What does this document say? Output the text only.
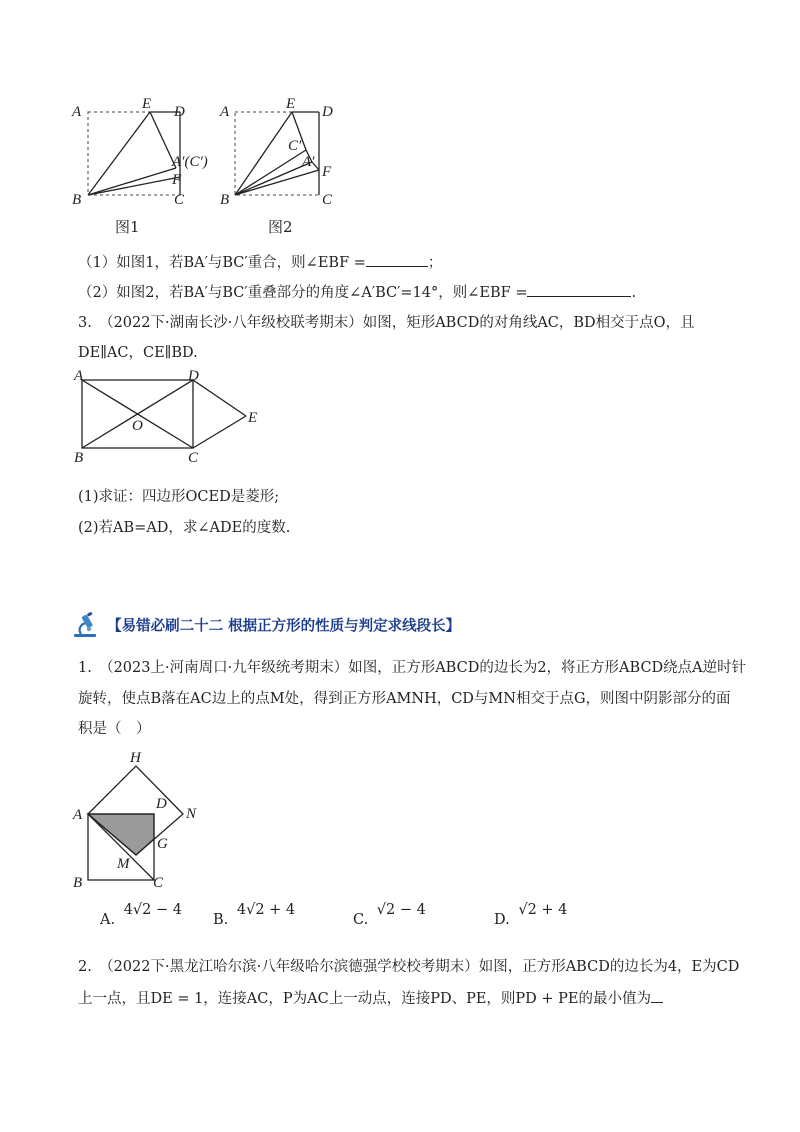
A	E D
A′(C′)
F
B	C
A	E D
C′
A′
F
B	C
图1	图2
（1）如图1，若BA′与BC′重合，则∠EBF =	；
（2）如图2，若BA′与BC′重叠部分的角度∠A′BC′=14°，则∠EBF =	.
3.　（2022下·湖南长沙·八年级校联考期末）如图，矩形ABCD的对角线AC，BD相交于点O，且
DE∥AC，CE∥BD.
A	D
E
O
B	C
(1)求证：四边形OCED是菱形;
(2)若AB=AD，求∠ADE的度数.
【易错必刷二十二 根据正方形的性质与判定求线段长】
1.　（2023上·河南周口·九年级统考期末）如图，正方形ABCD的边长为2，将正方形ABCD绕点A逆时针
旋转，使点B落在AC边上的点M处，得到正方形AMNH，CD与MN相交于点G，则图中阴影部分的面
积是（　）
H
A
D
N
G
M
B	C
A. 4√2 − 4
B. 4√2 + 4
C. √2 − 4
D. √2 + 4
2.　（2022下·黑龙江哈尔滨·八年级哈尔滨德强学校校考期末）如图，正方形ABCD的边长为4，E为CD
上一点，且DE = 1，连接AC，P为AC上一动点，连接PD、PE，则PD + PE的最小值为
